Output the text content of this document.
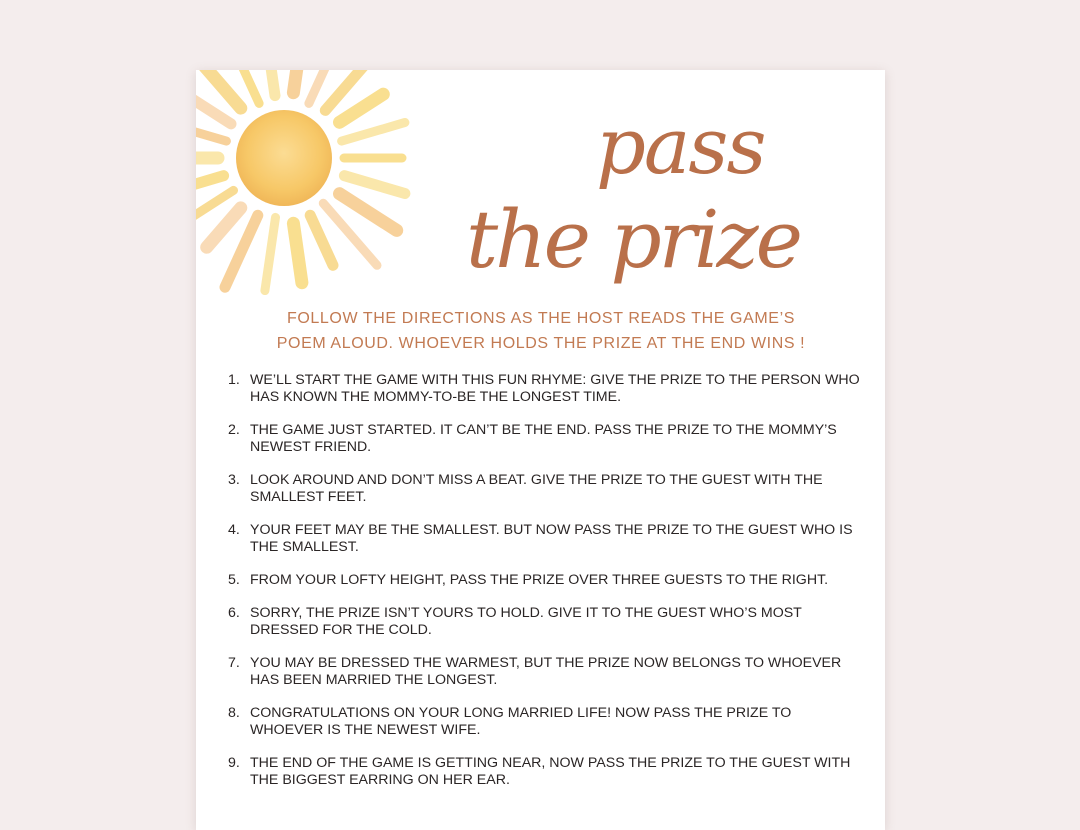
pass
the prize

FOLLOW THE DIRECTIONS AS THE HOST READS THE GAME’S

POEM ALOUD. WHOEVER HOLDS THE PRIZE AT THE END WINS !

1. WE’LL START THE GAME WITH THIS FUN RHYME: GIVE THE PRIZE TO THE PERSON WHO HAS KNOWN THE MOMMY-TO-BE THE LONGEST TIME.
2. THE GAME JUST STARTED. IT CAN’T BE THE END. PASS THE PRIZE TO THE MOMMY’S NEWEST FRIEND.
3. LOOK AROUND AND DON’T MISS A BEAT. GIVE THE PRIZE TO THE GUEST WITH THE SMALLEST FEET.
4. YOUR FEET MAY BE THE SMALLEST. BUT NOW PASS THE PRIZE TO THE GUEST WHO IS THE SMALLEST.
5. FROM YOUR LOFTY HEIGHT, PASS THE PRIZE OVER THREE GUESTS TO THE RIGHT.
6. SORRY, THE PRIZE ISN’T YOURS TO HOLD. GIVE IT TO THE GUEST WHO’S MOST DRESSED FOR THE COLD.
7. YOU MAY BE DRESSED THE WARMEST, BUT THE PRIZE NOW BELONGS TO WHOEVER HAS BEEN MARRIED THE LONGEST.
8. CONGRATULATIONS ON YOUR LONG MARRIED LIFE! NOW PASS THE PRIZE TO WHOEVER IS THE NEWEST WIFE.
9. THE END OF THE GAME IS GETTING NEAR, NOW PASS THE PRIZE TO THE GUEST WITH THE BIGGEST EARRING ON HER EAR.
